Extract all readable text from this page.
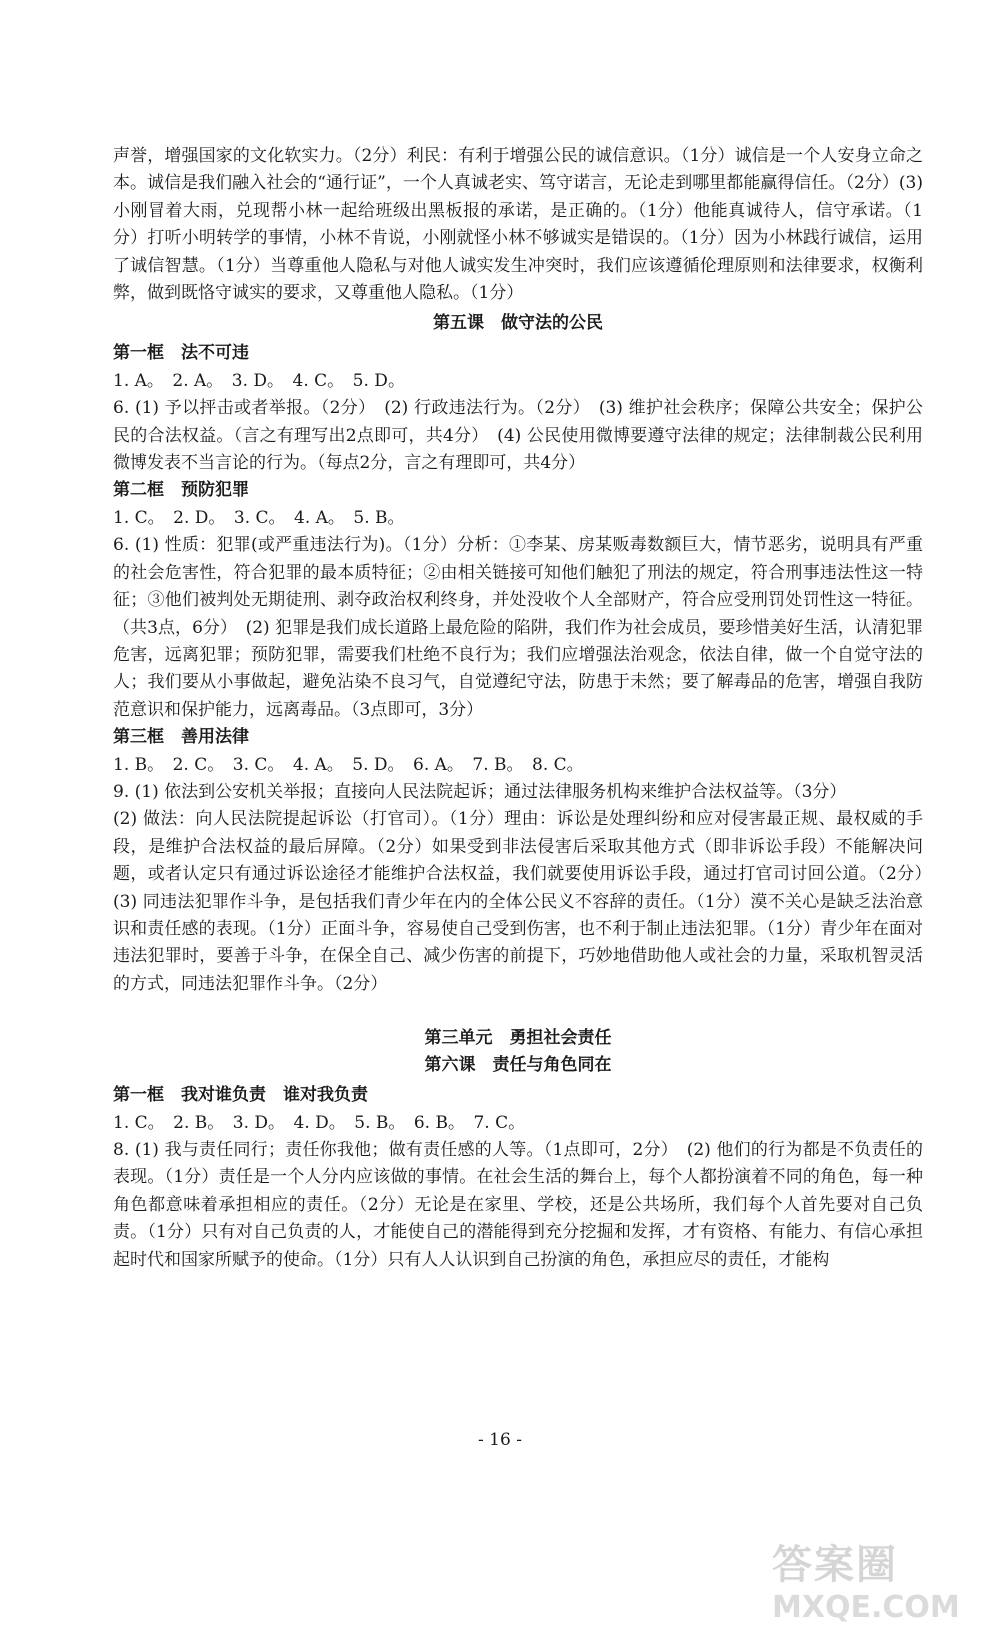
声誉，增强国家的文化软实力。（2分）利民：有利于增强公民的诚信意识。（1分）诚信是一个人安身立命之本。诚信是我们融入社会的“通行证”，一个人真诚老实、笃守诺言，无论走到哪里都能赢得信任。（2分）(3) 小刚冒着大雨，兑现帮小林一起给班级出黑板报的承诺，是正确的。（1分）他能真诚待人，信守承诺。（1分）打听小明转学的事情，小林不肯说，小刚就怪小林不够诚实是错误的。（1分）因为小林践行诚信，运用了诚信智慧。（1分）当尊重他人隐私与对他人诚实发生冲突时，我们应该遵循伦理原则和法律要求，权衡利弊，做到既恪守诚实的要求，又尊重他人隐私。（1分）

第五课　做守法的公民
第一框　法不可违

1. A。　2. A。　3. D。　4. C。　5. D。

6. (1) 予以抨击或者举报。（2分）　(2) 行政违法行为。（2分）　(3) 维护社会秩序；保障公共安全；保护公民的合法权益。（言之有理写出2点即可，共4分）　(4) 公民使用微博要遵守法律的规定；法律制裁公民利用微博发表不当言论的行为。（每点2分，言之有理即可，共4分）

第二框　预防犯罪

1. C。　2. D。　3. C。　4. A。　5. B。

6. (1) 性质：犯罪(或严重违法行为)。（1分）分析：①李某、房某贩毒数额巨大，情节恶劣，说明具有严重的社会危害性，符合犯罪的最本质特征；②由相关链接可知他们触犯了刑法的规定，符合刑事违法性这一特征；③他们被判处无期徒刑、剥夺政治权利终身，并处没收个人全部财产，符合应受刑罚处罚性这一特征。（共3点，6分）　(2) 犯罪是我们成长道路上最危险的陷阱，我们作为社会成员，要珍惜美好生活，认清犯罪危害，远离犯罪；预防犯罪，需要我们杜绝不良行为；我们应增强法治观念，依法自律，做一个自觉守法的人；我们要从小事做起，避免沾染不良习气，自觉遵纪守法，防患于未然；要了解毒品的危害，增强自我防范意识和保护能力，远离毒品。（3点即可，3分）

第三框　善用法律

1. B。　2. C。　3. C。　4. A。　5. D。　6. A。　7. B。　8. C。

9. (1) 依法到公安机关举报；直接向人民法院起诉；通过法律服务机构来维护合法权益等。（3分）

(2) 做法：向人民法院提起诉讼（打官司）。（1分）理由：诉讼是处理纠纷和应对侵害最正规、最权威的手段，是维护合法权益的最后屏障。（2分）如果受到非法侵害后采取其他方式（即非诉讼手段）不能解决问题，或者认定只有通过诉讼途径才能维护合法权益，我们就要使用诉讼手段，通过打官司讨回公道。（2分）　(3) 同违法犯罪作斗争，是包括我们青少年在内的全体公民义不容辞的责任。（1分）漠不关心是缺乏法治意识和责任感的表现。（1分）正面斗争，容易使自己受到伤害，也不利于制止违法犯罪。（1分）青少年在面对违法犯罪时，要善于斗争，在保全自己、减少伤害的前提下，巧妙地借助他人或社会的力量，采取机智灵活的方式，同违法犯罪作斗争。（2分）

第三单元　勇担社会责任
第六课　责任与角色同在
第一框　我对谁负责　谁对我负责

1. C。　2. B。　3. D。　4. D。　5. B。　6. B。　7. C。

8. (1) 我与责任同行；责任你我他；做有责任感的人等。（1点即可，2分）　(2) 他们的行为都是不负责任的表现。（1分）责任是一个人分内应该做的事情。在社会生活的舞台上，每个人都扮演着不同的角色，每一种角色都意味着承担相应的责任。（2分）无论是在家里、学校，还是公共场所，我们每个人首先要对自己负责。（1分）只有对自己负责的人，才能使自己的潜能得到充分挖掘和发挥，才有资格、有能力、有信心承担起时代和国家所赋予的使命。（1分）只有人人认识到自己扮演的角色，承担应尽的责任，才能构

- 16 -
答案圈
MXQE.COM
